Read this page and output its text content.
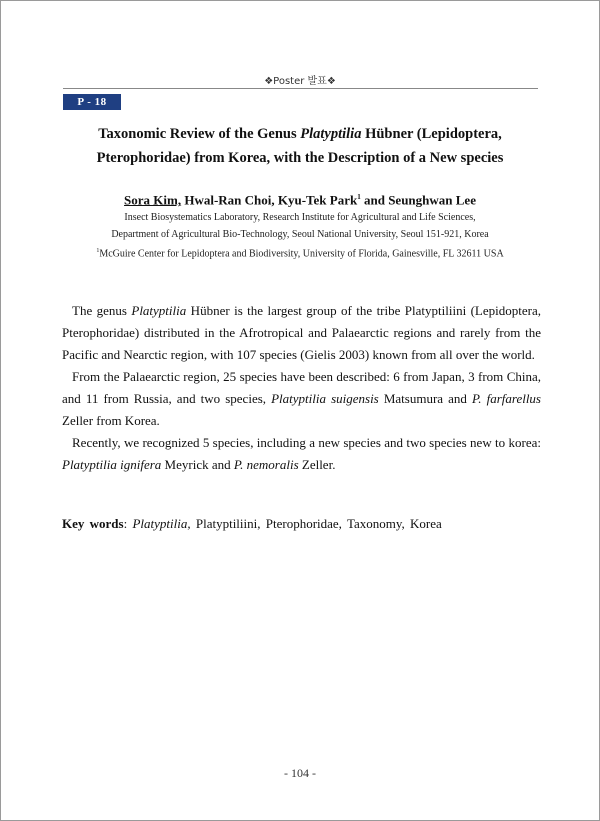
❖Poster 발표❖
P - 18
Taxonomic Review of the Genus Platyptilia Hübner (Lepidoptera,
Pterophoridae) from Korea, with the Description of a New species
Sora Kim, Hwal-Ran Choi, Kyu-Tek Park$^1$ and Seunghwan Lee
Insect Biosystematics Laboratory, Research Institute for Agricultural and Life Sciences,
Department of Agricultural Bio-Technology, Seoul National University, Seoul 151-921, Korea
$^1$McGuire Center for Lepidoptera and Biodiversity, University of Florida, Gainesville, FL 32611 USA

The genus Platyptilia Hübner is the largest group of the tribe Platyptiliini (Lepidoptera, Pterophoridae) distributed in the Afrotropical and Palaearctic regions and rarely from the Pacific and Nearctic region, with 107 species (Gielis 2003) known from all over the world.

From the Palaearctic region, 25 species have been described: 6 from Japan, 3 from China, and 11 from Russia, and two species, Platyptilia suigensis Matsumura and P. farfarellus Zeller from Korea.

Recently, we recognized 5 species, including a new species and two species new to korea: Platyptilia ignifera Meyrick and P. nemoralis Zeller.

Key words: Platyptilia, Platyptiliini, Pterophoridae, Taxonomy, Korea
- 104 -
